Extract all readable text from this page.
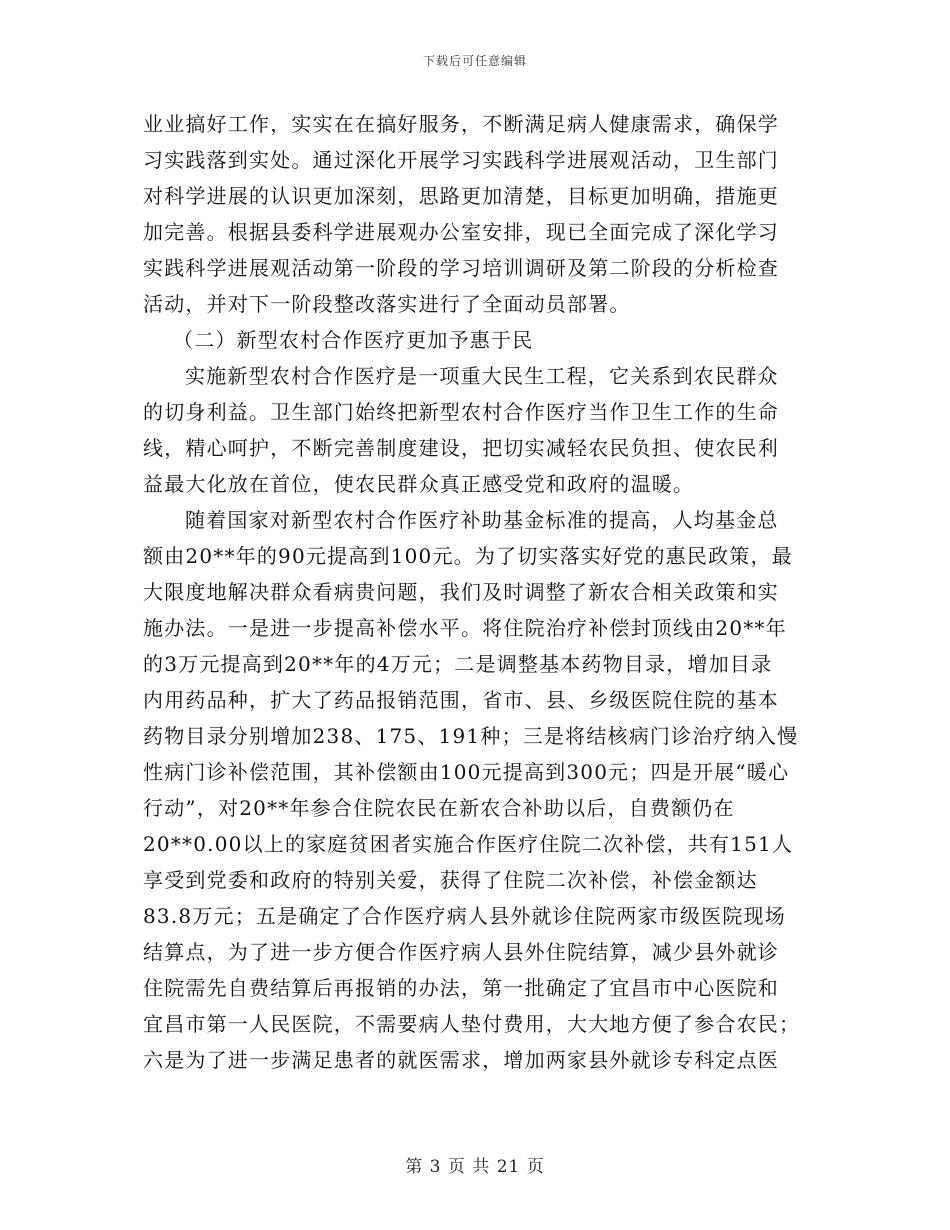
下载后可任意编辑
业业搞好工作，实实在在搞好服务，不断满足病人健康需求，确保学
习实践落到实处。通过深化开展学习实践科学进展观活动，卫生部门
对科学进展的认识更加深刻，思路更加清楚，目标更加明确，措施更
加完善。根据县委科学进展观办公室安排，现已全面完成了深化学习
实践科学进展观活动第一阶段的学习培训调研及第二阶段的分析检查
活动，并对下一阶段整改落实进行了全面动员部署。
（二）新型农村合作医疗更加予惠于民
实施新型农村合作医疗是一项重大民生工程，它关系到农民群众
的切身利益。卫生部门始终把新型农村合作医疗当作卫生工作的生命
线，精心呵护，不断完善制度建设，把切实减轻农民负担、使农民利
益最大化放在首位，使农民群众真正感受党和政府的温暖。
随着国家对新型农村合作医疗补助基金标准的提高，人均基金总
额由20**年的90元提高到100元。为了切实落实好党的惠民政策，最
大限度地解决群众看病贵问题，我们及时调整了新农合相关政策和实
施办法。一是进一步提高补偿水平。将住院治疗补偿封顶线由20**年
的3万元提高到20**年的4万元；二是调整基本药物目录，增加目录
内用药品种，扩大了药品报销范围，省市、县、乡级医院住院的基本
药物目录分别增加238、175、191种；三是将结核病门诊治疗纳入慢
性病门诊补偿范围，其补偿额由100元提高到300元；四是开展“暖心
行动”，对20**年参合住院农民在新农合补助以后，自费额仍在
20**0.00以上的家庭贫困者实施合作医疗住院二次补偿，共有151人
享受到党委和政府的特别关爱，获得了住院二次补偿，补偿金额达
83.8万元；五是确定了合作医疗病人县外就诊住院两家市级医院现场
结算点，为了进一步方便合作医疗病人县外住院结算，减少县外就诊
住院需先自费结算后再报销的办法，第一批确定了宜昌市中心医院和
宜昌市第一人民医院，不需要病人垫付费用，大大地方便了参合农民；
六是为了进一步满足患者的就医需求，增加两家县外就诊专科定点医
第 3 页 共 21 页
